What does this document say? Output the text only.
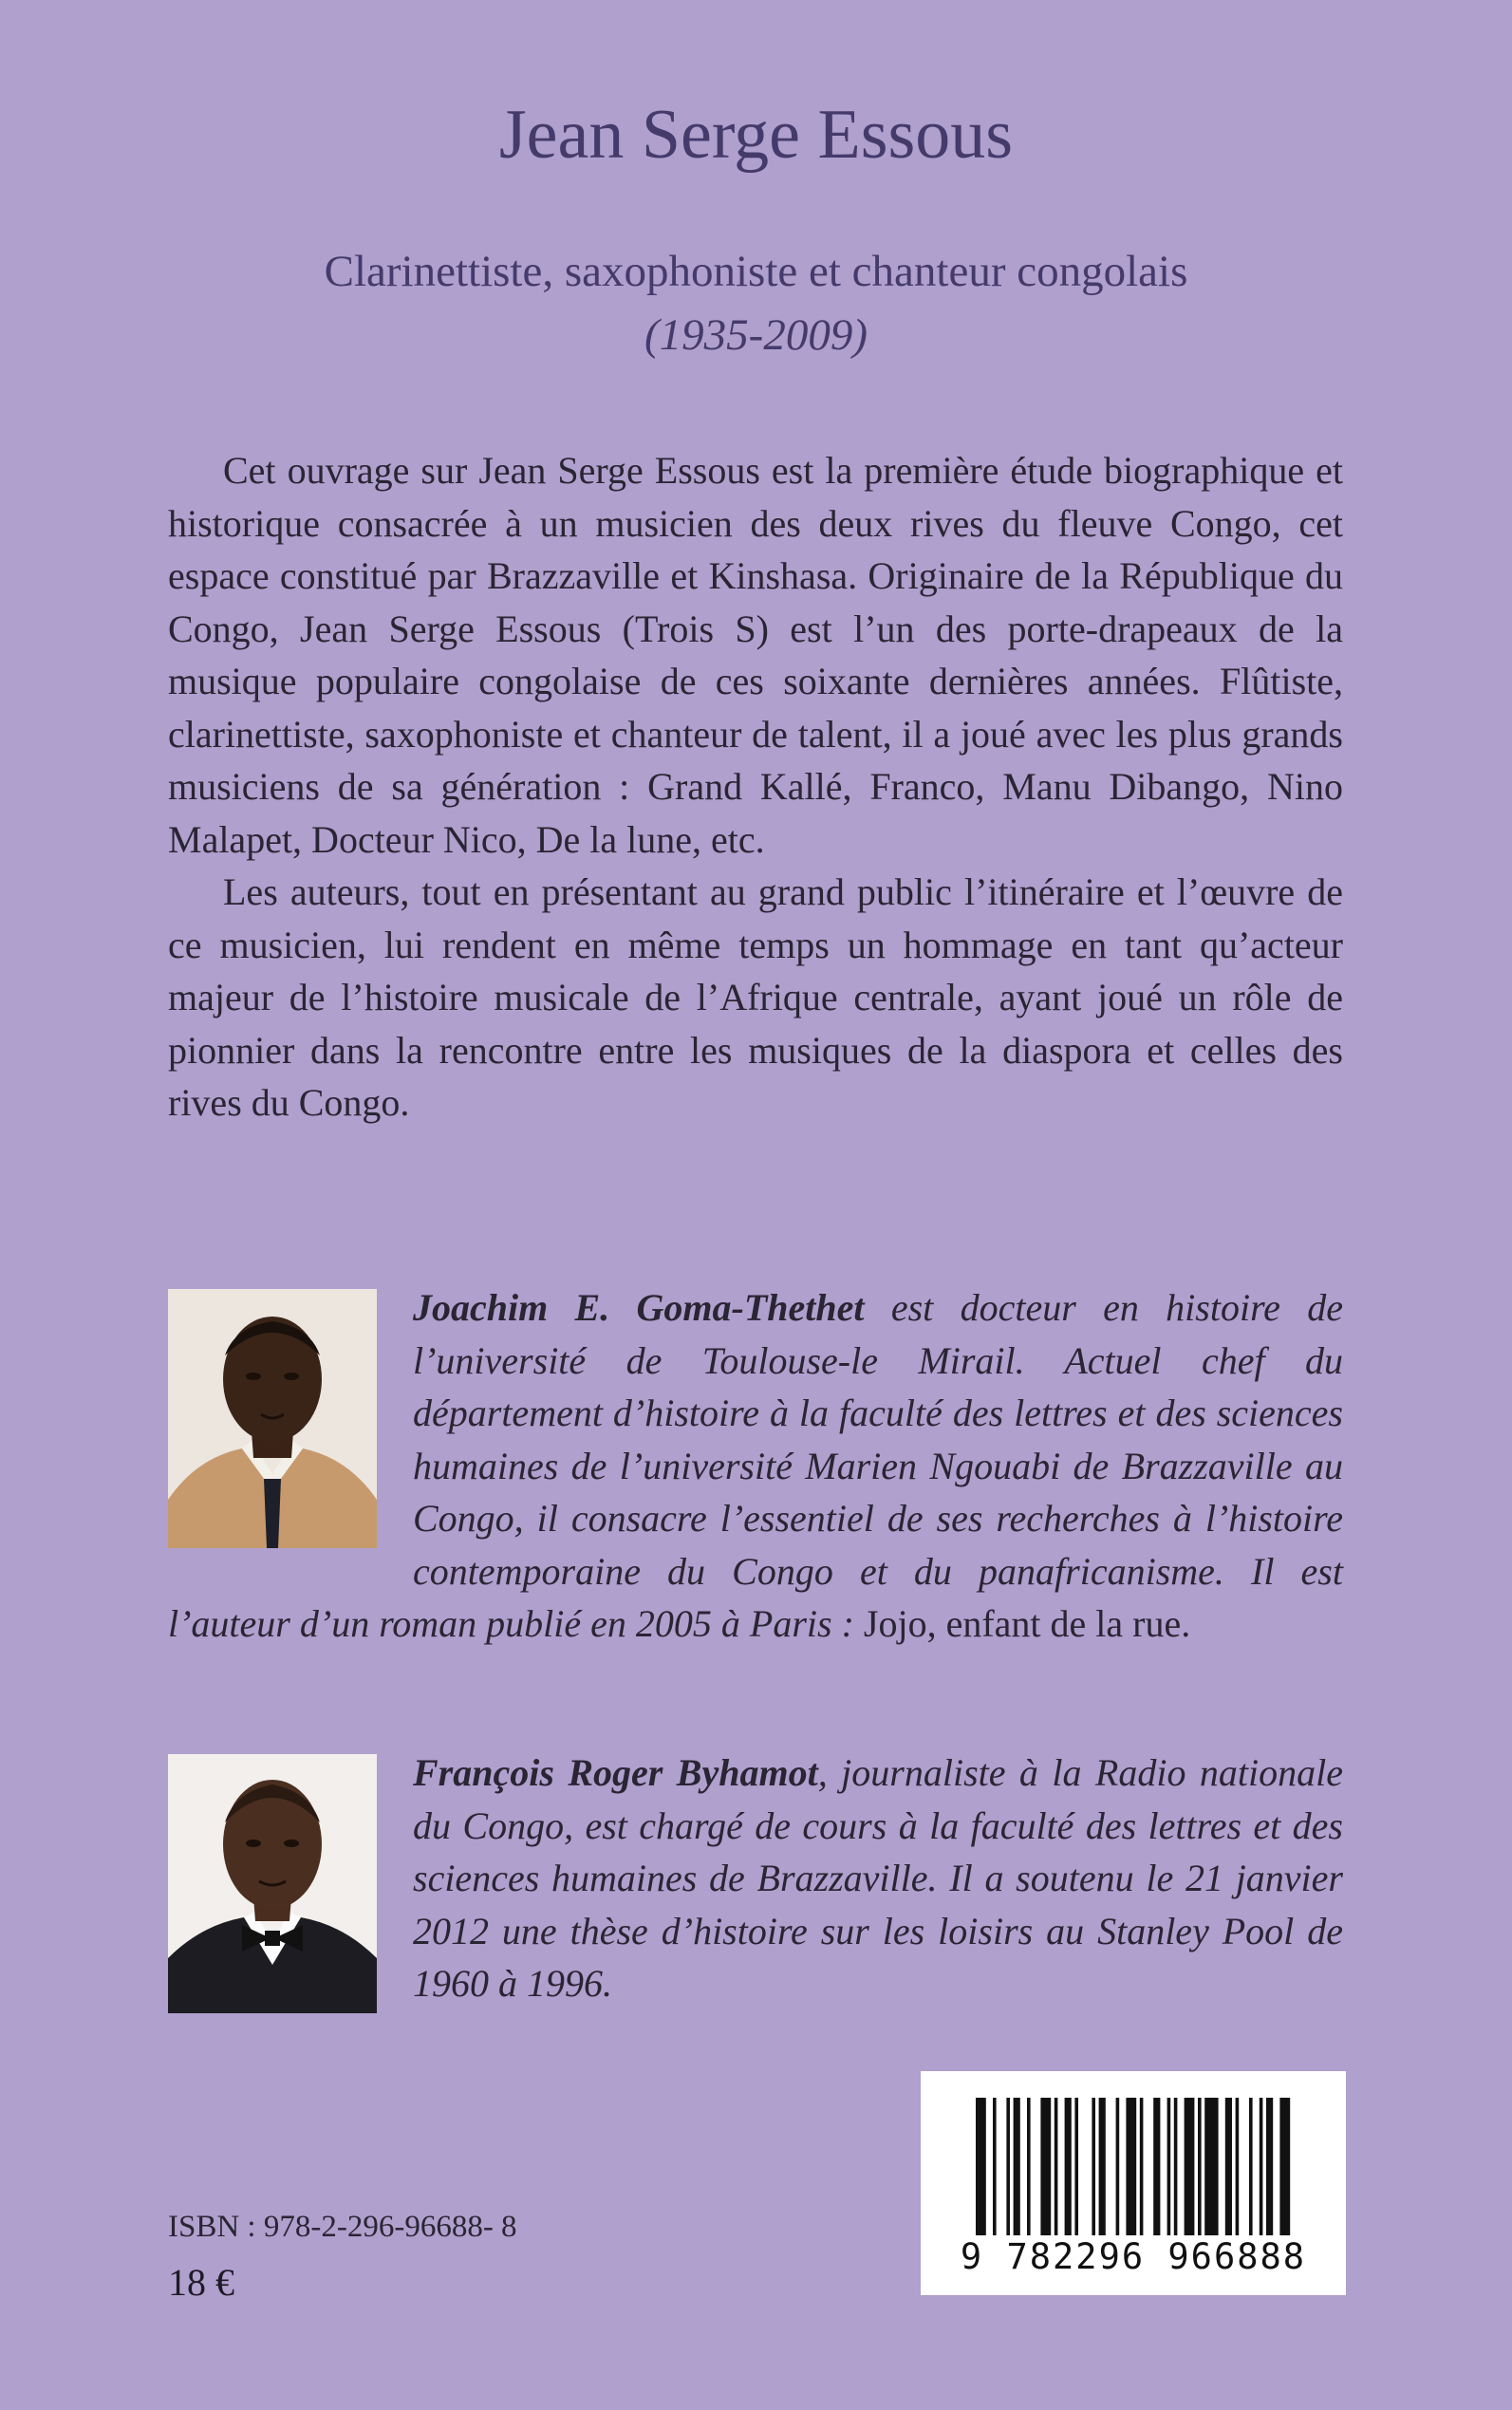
Jean Serge Essous
Clarinettiste, saxophoniste et chanteur congolais
(1935-2009)

Cet ouvrage sur Jean Serge Essous est la première étude biographique et historique consacrée à un musicien des deux rives du fleuve Congo, cet espace constitué par Brazzaville et Kinshasa. Originaire de la République du Congo, Jean Serge Essous (Trois S) est l’un des porte-drapeaux de la musique populaire congolaise de ces soixante dernières années. Flûtiste, clarinettiste, saxophoniste et chanteur de talent, il a joué avec les plus grands musiciens de sa génération : Grand Kallé, Franco, Manu Dibango, Nino Malapet, Docteur Nico, De la lune, etc.

Les auteurs, tout en présentant au grand public l’itinéraire et l’œuvre de ce musicien, lui rendent en même temps un hommage en tant qu’acteur majeur de l’histoire musicale de l’Afrique centrale, ayant joué un rôle de pionnier dans la rencontre entre les musiques de la diaspora et celles des rives du Congo.

Joachim E. Goma-Thethet est docteur en histoire de l’université de Toulouse-le Mirail. Actuel chef du département d’histoire à la faculté des lettres et des sciences humaines de l’université Marien Ngouabi de Brazzaville au Congo, il consacre l’essentiel de ses recherches à l’histoire contemporaine du Congo et du panafricanisme. Il est l’auteur d’un roman publié en 2005 à Paris : Jojo, enfant de la rue.

François Roger Byhamot, journaliste à la Radio nationale du Congo, est chargé de cours à la faculté des lettres et des sciences humaines de Brazzaville. Il a soutenu le 21 janvier 2012 une thèse d’histoire sur les loisirs au Stanley Pool de 1960 à 1996.

9 782296 966888
ISBN : 978-2-296-96688- 8
18 €
